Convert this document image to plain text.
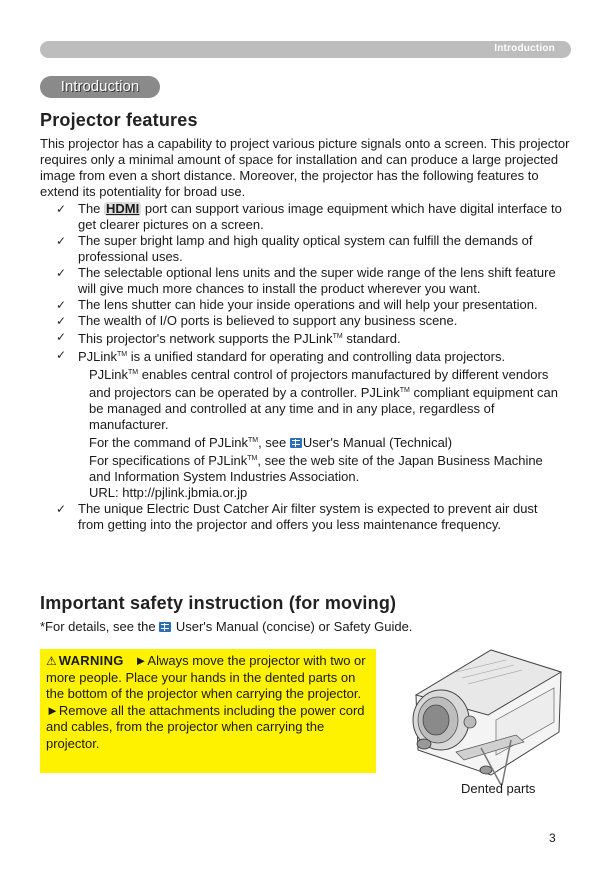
Introduction
Introduction
Projector features

This projector has a capability to project various picture signals onto a screen. This projector requires only a minimal amount of space for installation and can produce a large projected image from even a short distance. Moreover, the projector has the following features to extend its potentiality for broad use.

✓ The HDMI port can support various image equipment which have digital interface to get clearer pictures on a screen.
✓ The super bright lamp and high quality optical system can fulfill the demands of professional uses.
✓ The selectable optional lens units and the super wide range of the lens shift feature will give much more chances to install the product wherever you want.
✓ The lens shutter can hide your inside operations and will help your presentation.
✓ The wealth of I/O ports is believed to support any business scene.
✓ This projector's network supports the PJLink™ standard.
✓ PJLink™ is a unified standard for operating and controlling data projectors.
PJLink™ enables central control of projectors manufactured by different vendors and projectors can be operated by a controller. PJLink™ compliant equipment can be managed and controlled at any time and in any place, regardless of manufacturer.
For the command of PJLink™, see User's Manual (Technical)
For specifications of PJLink™, see the web site of the Japan Business Machine and Information System Industries Association.
URL: http://pjlink.jbmia.or.jp
✓ The unique Electric Dust Catcher Air filter system is expected to prevent air dust from getting into the projector and offers you less maintenance frequency.
Important safety instruction (for moving)
*For details, see the  User's Manual (concise) or Safety Guide.
⚠ WARNING ►Always move the projector with two or more people. Place your hands in the dented parts on the bottom of the projector when carrying the projector.
►Remove all the attachments including the power cord and cables, from the projector when carrying the projector.
Dented parts
3
